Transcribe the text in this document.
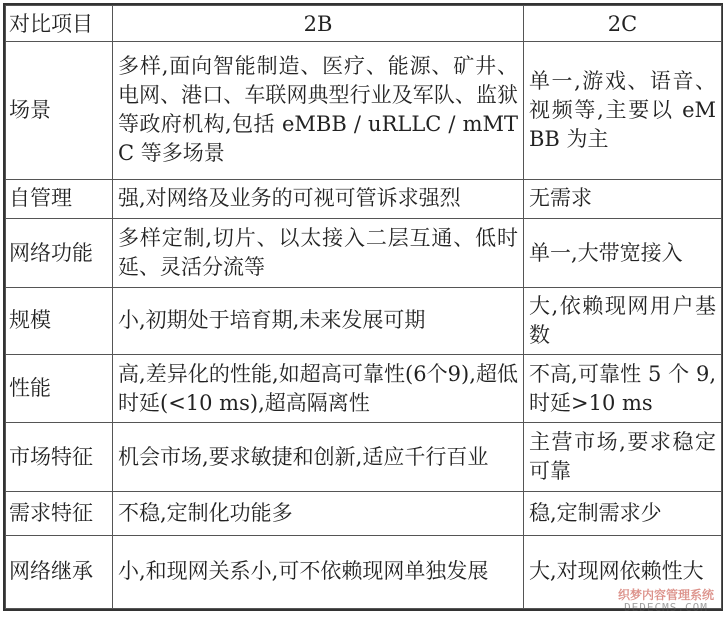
对比项目	2B	2C
场景	多样,面向智能制造、医疗、能源、矿井、电网、港口、车联网典型行业及军队、监狱等政府机构,包括 eMBB / uRLLC / mMTC 等多场景	单一,游戏、语音、视频等,主要以 eMBB 为主
自管理	强,对网络及业务的可视可管诉求强烈	无需求
网络功能	多样定制,切片、以太接入二层互通、低时延、灵活分流等	单一,大带宽接入
规模	小,初期处于培育期,未来发展可期	大,依赖现网用户基数
性能	高,差异化的性能,如超高可靠性(6个9),超低时延(<10 ms),超高隔离性	不高,可靠性 5 个 9,时延>10 ms
市场特征	机会市场,要求敏捷和创新,适应千行百业	主营市场,要求稳定可靠
需求特征	不稳,定制化功能多	稳,定制需求少
网络继承	小,和现网关系小,可不依赖现网单独发展	大,对现网依赖性大
织梦内容管理系统
DEDECMS.COM
